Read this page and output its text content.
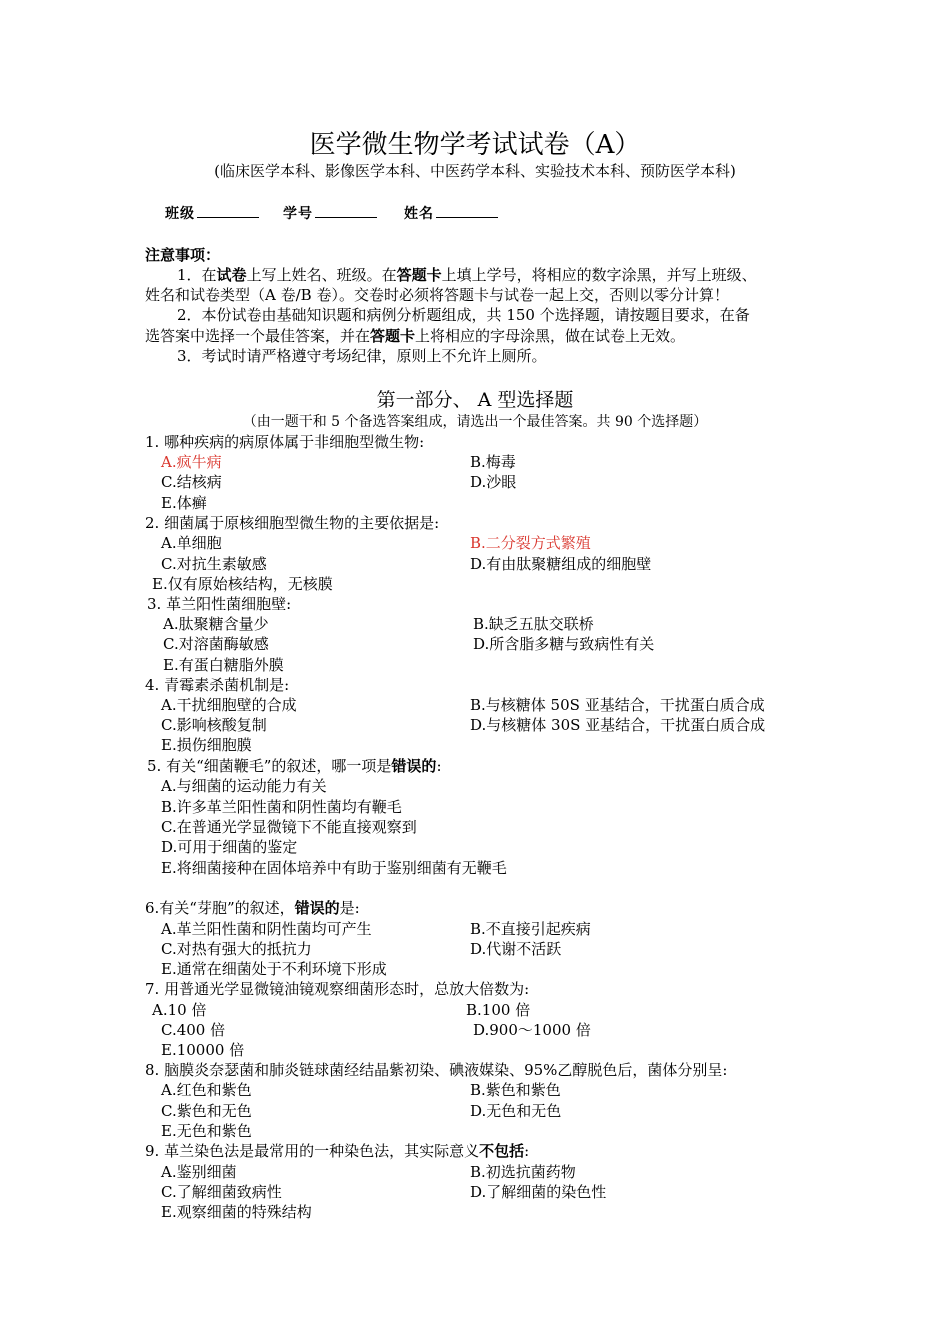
医学微生物学考试试卷（A）
(临床医学本科、影像医学本科、中医药学本科、实验技术本科、预防医学本科)
班级	学号	姓名
注意事项：
1．在试卷上写上姓名、班级。在答题卡上填上学号，将相应的数字涂黑，并写上班级、
姓名和试卷类型（A 卷/B 卷）。交卷时必须将答题卡与试卷一起上交，否则以零分计算！
2．本份试卷由基础知识题和病例分析题组成，共 150 个选择题，请按题目要求，在备
选答案中选择一个最佳答案，并在答题卡上将相应的字母涂黑，做在试卷上无效。
3．考试时请严格遵守考场纪律，原则上不允许上厕所。
第一部分、 A 型选择题
（由一题干和 5 个备选答案组成，请选出一个最佳答案。共 90 个选择题）
1. 哪种疾病的病原体属于非细胞型微生物:
A.疯牛病	B.梅毒
C.结核病	D.沙眼
E.体癣
2. 细菌属于原核细胞型微生物的主要依据是:
A.单细胞	B.二分裂方式繁殖
C.对抗生素敏感	D.有由肽聚糖组成的细胞壁
E.仅有原始核结构，无核膜
3. 革兰阳性菌细胞壁:
A.肽聚糖含量少	B.缺乏五肽交联桥
C.对溶菌酶敏感	D.所含脂多糖与致病性有关
E.有蛋白糖脂外膜
4. 青霉素杀菌机制是:
A.干扰细胞壁的合成	B.与核糖体 50S 亚基结合，干扰蛋白质合成
C.影响核酸复制	D.与核糖体 30S 亚基结合，干扰蛋白质合成
E.损伤细胞膜
5. 有关“细菌鞭毛”的叙述，哪一项是错误的:
A.与细菌的运动能力有关
B.许多革兰阳性菌和阴性菌均有鞭毛
C.在普通光学显微镜下不能直接观察到
D.可用于细菌的鉴定
E.将细菌接种在固体培养中有助于鉴别细菌有无鞭毛
6.有关“芽胞”的叙述，错误的是:
A.革兰阳性菌和阴性菌均可产生	B.不直接引起疾病
C.对热有强大的抵抗力	D.代谢不活跃
E.通常在细菌处于不利环境下形成
7. 用普通光学显微镜油镜观察细菌形态时，总放大倍数为:
A.10 倍	B.100 倍
C.400 倍	D.900～1000 倍
E.10000 倍
8. 脑膜炎奈瑟菌和肺炎链球菌经结晶紫初染、碘液媒染、95%乙醇脱色后，菌体分别呈:
A.红色和紫色	B.紫色和紫色
C.紫色和无色	D.无色和无色
E.无色和紫色
9. 革兰染色法是最常用的一种染色法，其实际意义不包括:
A.鉴别细菌	B.初选抗菌药物
C.了解细菌致病性	D.了解细菌的染色性
E.观察细菌的特殊结构
